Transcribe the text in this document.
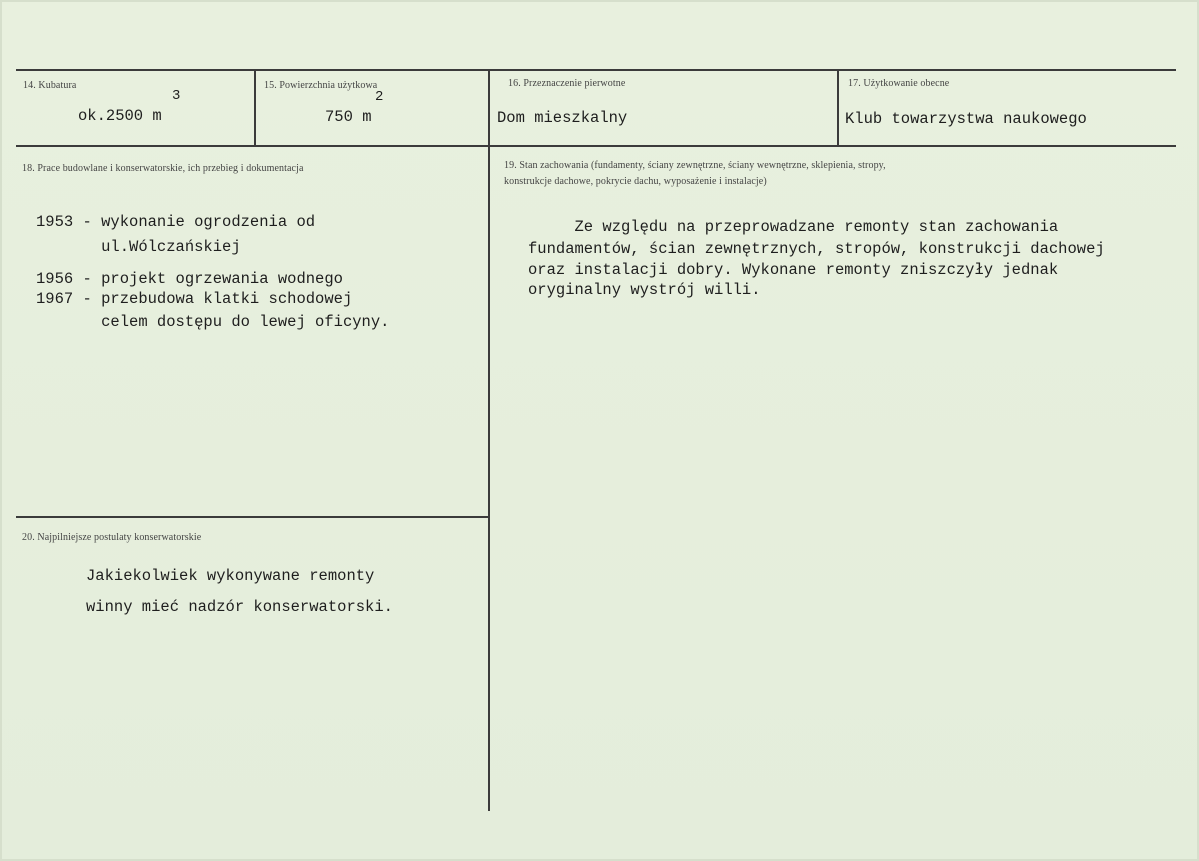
14. Kubatura
ok.2500 m
3
15. Powierzchnia użytkowa
750 m
2
16. Przeznaczenie pierwotne
Dom mieszkalny
17. Użytkowanie obecne
Klub towarzystwa naukowego
18. Prace budowlane i konserwatorskie, ich przebieg i dokumentacja
1953 - wykonanie ogrodzenia od
ul.Wólczańskiej
1956 - projekt ogrzewania wodnego
1967 - przebudowa klatki schodowej
celem dostępu do lewej oficyny.
19. Stan zachowania (fundamenty, ściany zewnętrzne, ściany wewnętrzne, sklepienia, stropy,
konstrukcje dachowe, pokrycie dachu, wyposażenie i instalacje)
Ze względu na przeprowadzane remonty stan zachowania
fundamentów, ścian zewnętrznych, stropów, konstrukcji dachowej
oraz instalacji dobry. Wykonane remonty zniszczyły jednak
oryginalny wystrój willi.
20. Najpilniejsze postulaty konserwatorskie
Jakiekolwiek wykonywane remonty
winny mieć nadzór konserwatorski.
